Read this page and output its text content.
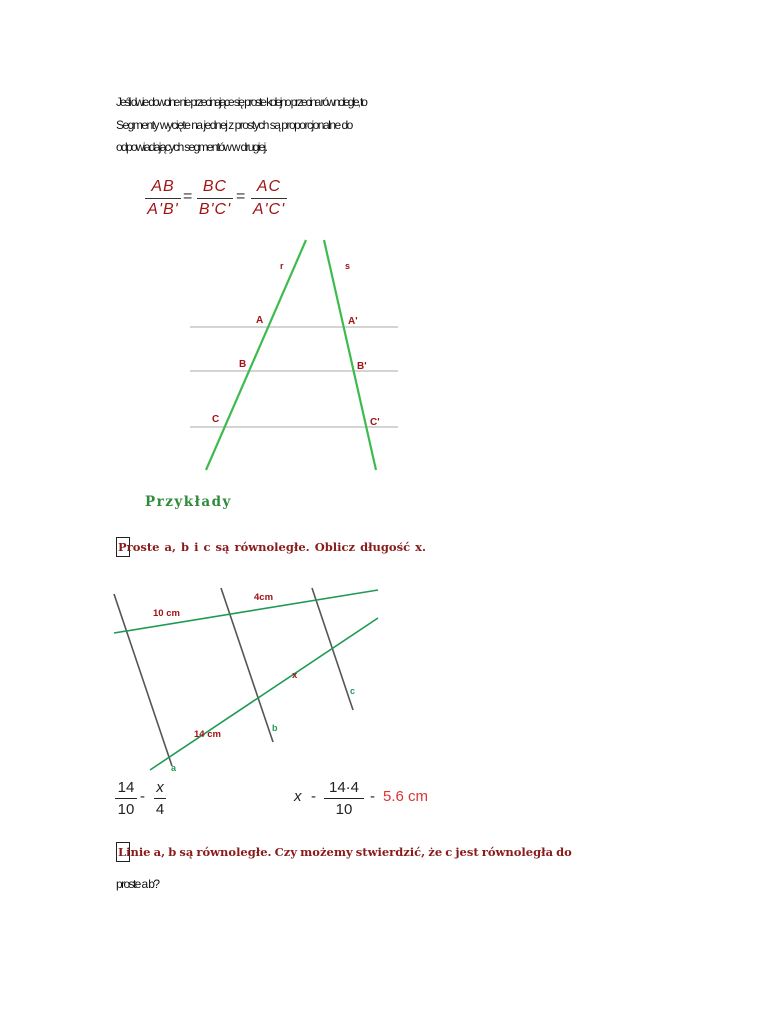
Jeśli dwie dowolne nie przecinające się proste kolejno przecina równoległe, to
Segmenty wycięte na jednej z prostych są proporcjonalne do
odpowiadających segmentów w drugiej.
AB
A'B'
=
BC
B'C'
=
AC
A'C'
r	s
A	A'
B	B'
C	C'
Przykłady
Proste a, b i c są równoległe. Oblicz długość x.
10 cm
4cm
x
14 cm
a
b
c
14
10
-
x
4
x -
14·4
10
- 5.6 cm
Linie a, b są równoległe. Czy możemy stwierdzić, że c jest równoległa do
proste a b?
